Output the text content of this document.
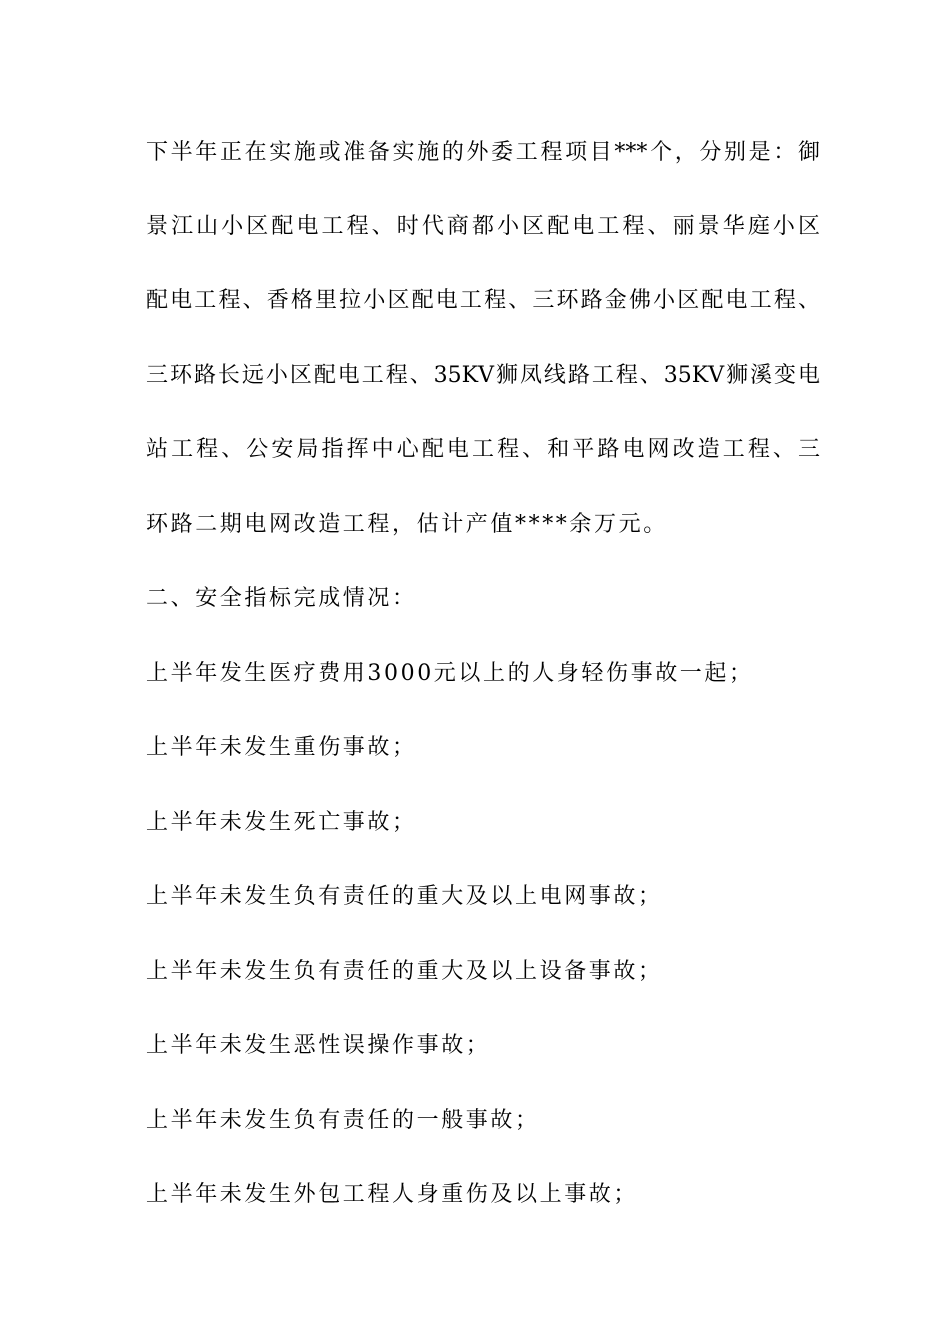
下半年正在实施或准备实施的外委工程项目***个，分别是：御
景江山小区配电工程、时代商都小区配电工程、丽景华庭小区
配电工程、香格里拉小区配电工程、三环路金佛小区配电工程、
三环路长远小区配电工程、35KV狮凤线路工程、35KV狮溪变电
站工程、公安局指挥中心配电工程、和平路电网改造工程、三
环路二期电网改造工程，估计产值****余万元。
二、安全指标完成情况：
上半年发生医疗费用3000元以上的人身轻伤事故一起；
上半年未发生重伤事故；
上半年未发生死亡事故；
上半年未发生负有责任的重大及以上电网事故；
上半年未发生负有责任的重大及以上设备事故；
上半年未发生恶性误操作事故；
上半年未发生负有责任的一般事故；
上半年未发生外包工程人身重伤及以上事故；
